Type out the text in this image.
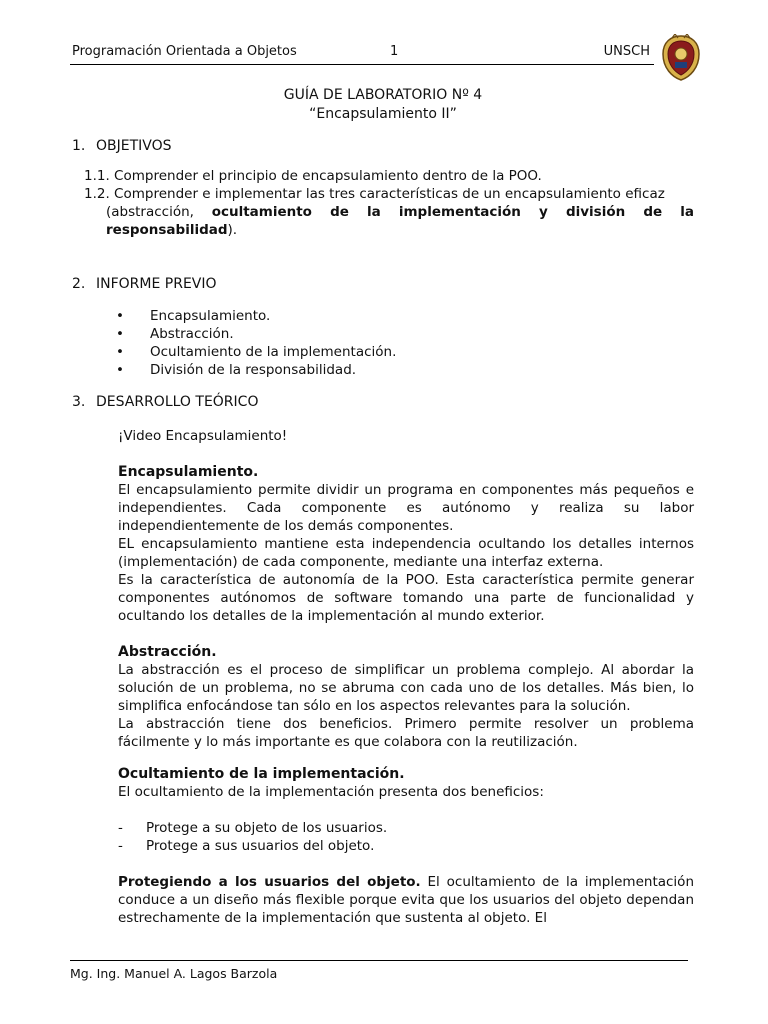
Programación Orientada a Objetos	1	UNSCH

GUÍA DE LABORATORIO Nº 4

“Encapsulamiento II”

1. OBJETIVOS

1.1. Comprender el principio de encapsulamiento dentro de la POO.

1.2. Comprender e implementar las tres características de un encapsulamiento eficaz
(abstracción, ocultamiento de la implementación y división de la responsabilidad).

2. INFORME PREVIO

• Encapsulamiento.
• Abstracción.
• Ocultamiento de la implementación.
• División de la responsabilidad.

3. DESARROLLO TEÓRICO

¡Video Encapsulamiento!

Encapsulamiento.

El encapsulamiento permite dividir un programa en componentes más pequeños e independientes. Cada componente es autónomo y realiza su labor independientemente de los demás componentes.

EL encapsulamiento mantiene esta independencia ocultando los detalles internos (implementación) de cada componente, mediante una interfaz externa.

Es la característica de autonomía de la POO. Esta característica permite generar componentes autónomos de software tomando una parte de funcionalidad y ocultando los detalles de la implementación al mundo exterior.

Abstracción.

La abstracción es el proceso de simplificar un problema complejo. Al abordar la solución de un problema, no se abruma con cada uno de los detalles. Más bien, lo simplifica enfocándose tan sólo en los aspectos relevantes para la solución.

La abstracción tiene dos beneficios. Primero permite resolver un problema fácilmente y lo más importante es que colabora con la reutilización.

Ocultamiento de la implementación.

El ocultamiento de la implementación presenta dos beneficios:

- Protege a su objeto de los usuarios.
- Protege a sus usuarios del objeto.

Protegiendo a los usuarios del objeto. El ocultamiento de la implementación conduce a un diseño más flexible porque evita que los usuarios del objeto dependan estrechamente de la implementación que sustenta al objeto. El

Mg. Ing. Manuel A. Lagos Barzola
